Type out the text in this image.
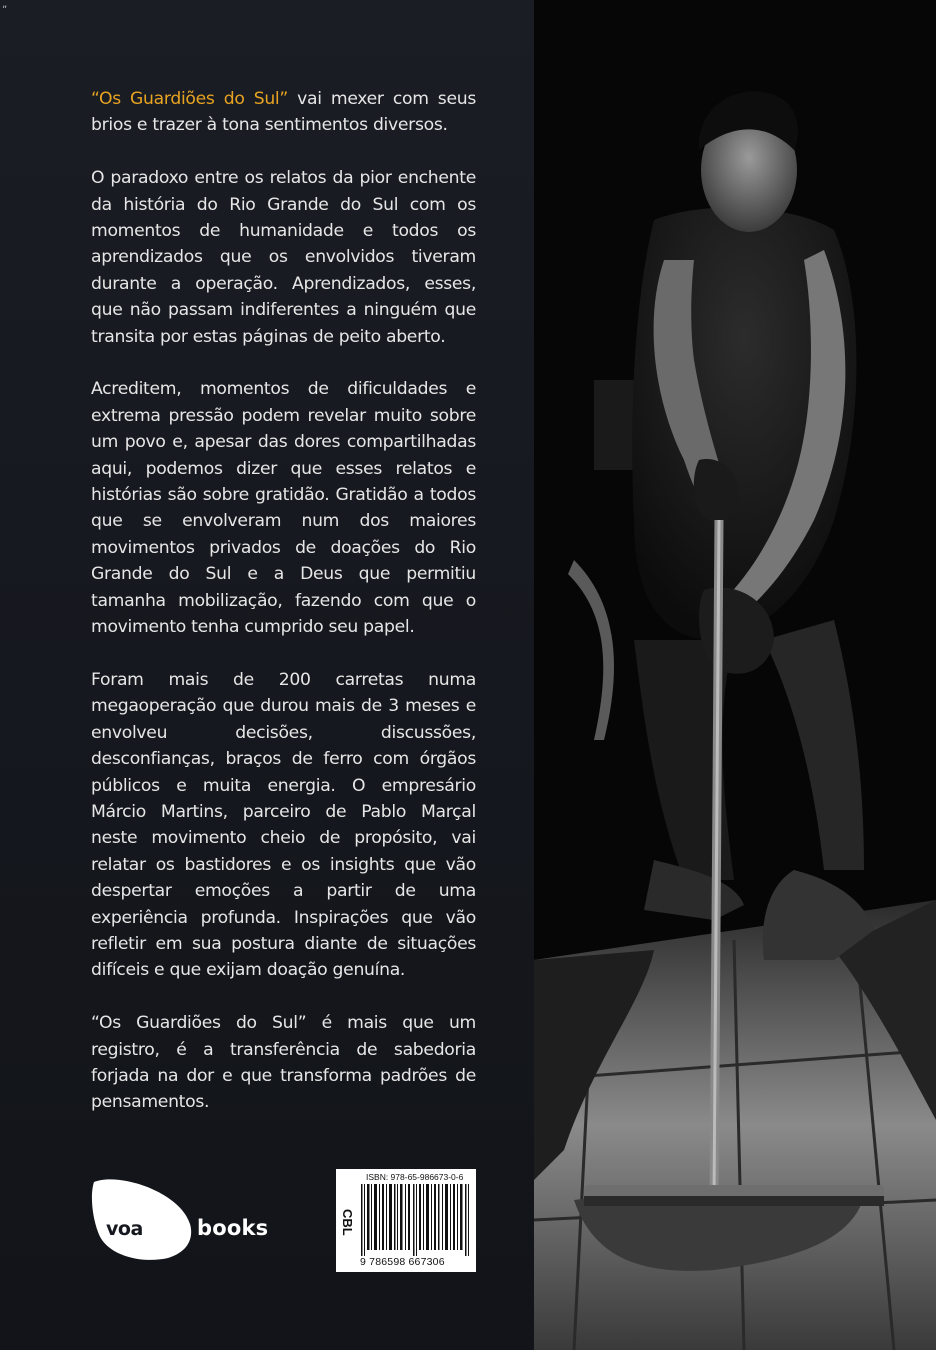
„

“Os Guardiões do Sul” vai mexer com seus brios e trazer à tona sentimentos diversos.

O paradoxo entre os relatos da pior enchente da história do Rio Grande do Sul com os momentos de humanidade e todos os aprendizados que os envolvidos tiveram durante a operação. Aprendizados, esses, que não passam indiferentes a ninguém que transita por estas páginas de peito aberto.

Acreditem, momentos de dificuldades e extrema pressão podem revelar muito sobre um povo e, apesar das dores compartilhadas aqui, podemos dizer que esses relatos e histórias são sobre gratidão. Gratidão a todos que se envolveram num dos maiores movimentos privados de doações do Rio Grande do Sul e a Deus que permitiu tamanha mobilização, fazendo com que o movimento tenha cumprido seu papel.

Foram mais de 200 carretas numa megaoperação que durou mais de 3 meses e envolveu decisões, discussões, desconfianças, braços de ferro com órgãos públicos e muita energia. O empresário Márcio Martins, parceiro de Pablo Marçal neste movimento cheio de propósito, vai relatar os bastidores e os insights que vão despertar emoções a partir de uma experiência profunda. Inspirações que vão refletir em sua postura diante de situações difíceis e que exijam doação genuína.

“Os Guardiões do Sul” é mais que um registro, é a transferência de sabedoria forjada na dor e que transforma padrões de pensamentos.

voa	books
ISBN: 978-65-986673-0-6
CBL
9 786598 667306
